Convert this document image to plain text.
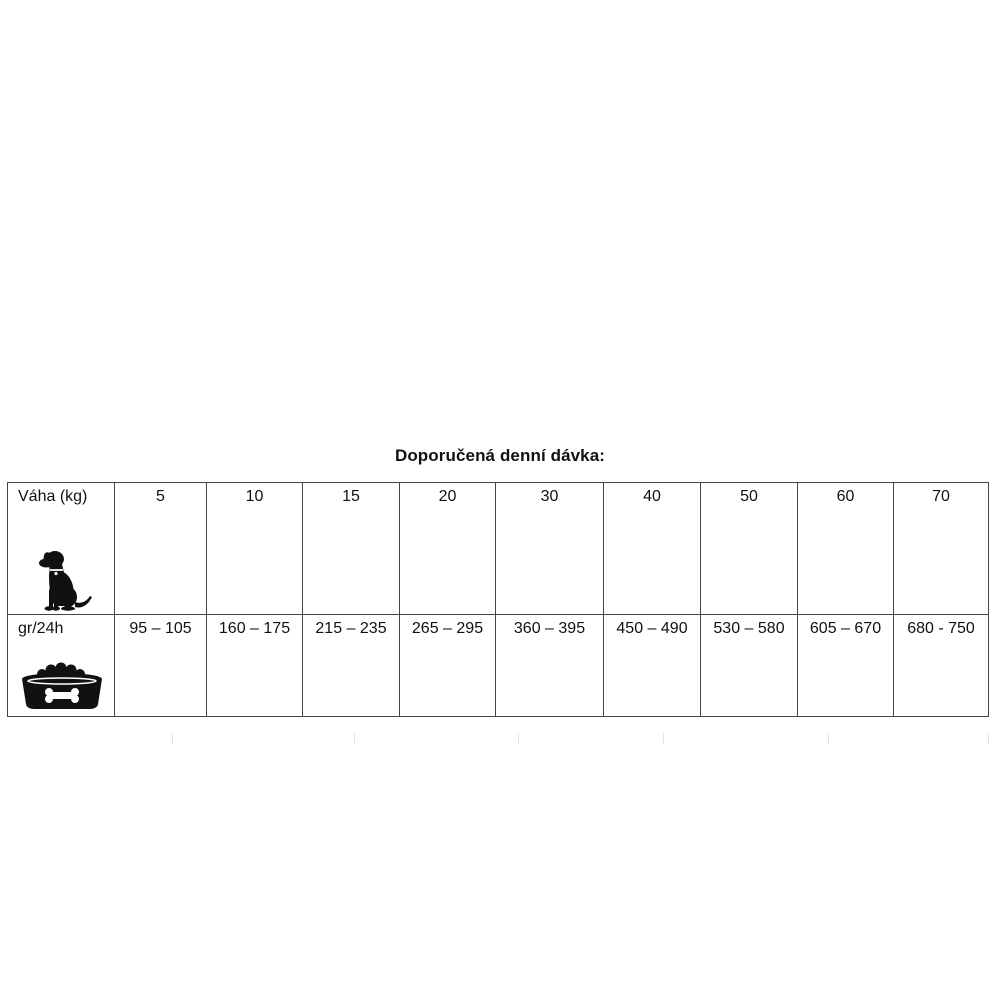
Doporučená denní dávka:
Váha (kg)	5	10	15	20	30	40	50	60	70
gr/24h	95 – 105	160 – 175	215 – 235	265 – 295	360 – 395	450 – 490	530 – 580	605 – 670	680 - 750
